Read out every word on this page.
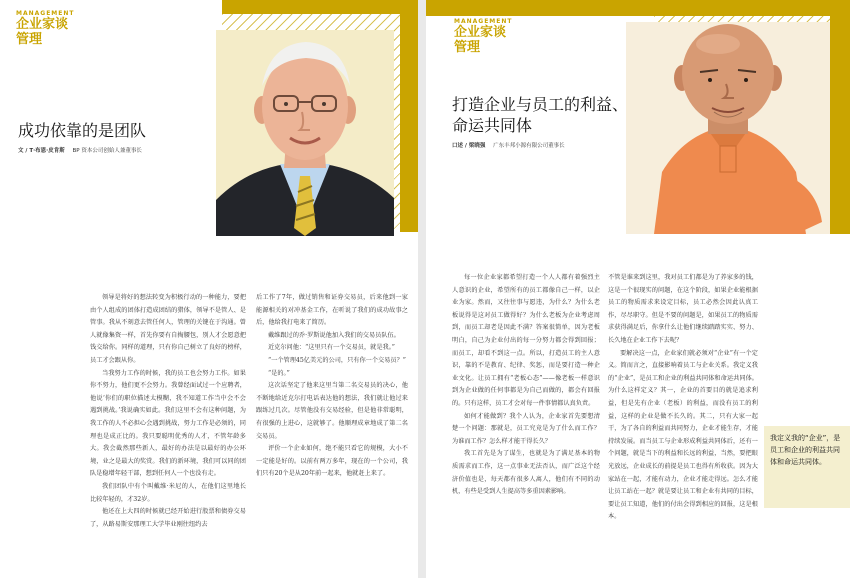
MANAGEMENT
企业家谈管理
成功依靠的是团队
文 / T·布恩·皮肯斯 BP 资本公司创始人兼董事长

领导是将好的想法转变为积极行动的一种能力，要把由个人组成的团体打造成团结的猎体，领导不是管人、是管事。我从不刻意去管任何人，管理的关键在于沟通。曾人就像集资一样，首先你要有自掏腰包，别人才会愿意把钱交给你。同样的道理，只有你自己树立了良好的榜样，员工才会跟从你。

当我努力工作的时候，我的员工也会努力工作。如果你不努力，他们更不会努力。我曾经面试过一个应聘者，他说‘你们的职位描述太模糊，我不知道工作当中会不会遇到挑战。’我说确实如此。我们这里不会有这种问题，为我工作的人不必担心会遇到挑战，努力工作是必须的，同理也是成正比的。我只要聪明优秀的人才，不管年龄多大。我会截然那些新人，最好的办法是以最好的办公环境，业之是最大的奖赏。我们的新环境，我们可以同的团队是稳增年轻干部，想到任何人一个也没有走。

我们团队中有个叫戴维·米尼的人，在他们这里地长比较年轻的，才32岁。

他还在上大四的时候就已经开始进行股票和债券交易了，从路易斯安那理工大学毕业刚往纽约去

后工作了7年，做过销售和证券交易员，后来他到一家能源相关的对冲基金工作，在听说了我们的成功故事之后，他给我打电来了简历。

戴维跟过的乔·罗斯说他加入我们的交易员队伍。

近克尔问他：“这里只有一个交易员，就是我。”

“一个管理45亿美元的公司，只有你一个交易员？”

“是的。”

这次话坚定了他来这里当第二名交易员的决心，他不断地给近克尔打电话表达他的想法，我们就让他过来跟练过几次。尽管他没有交易经验，但是他非常聪明，有很强的上进心，这就够了。他顺理成章地成了第二名交易员。

评价一个企业如何，绝不能只看它的规模，大小不一定能是好的。以前有两万多年，现在的一个公司，我们只有20个是从20年前一起来，他就赶上来了。

MANAGEMENT
企业家谈管理
打造企业与员工的利益、
命运共同体
口述 / 梁晓强 广东丰邦小源有限公司董事长

每一位企业家都希望打造一个人人都有着强烈主人意识的企业，希望所有的员工都像自己一样，以企业为家。然而，又往往事与愿违，为什么？为什么老板说得是这对员工做得好？为什么老板为企业考虑周到，而员工却老是因此不满？答案很简单，因为老板明白，自己为企业付出的每一分努力都会得到回报；而员工，却看不到这一点。所以，打造员工的主人意识，靠的不是教育、纪律、奖惩，而是要打造一种企业文化。让员工拥有“老板心态”——像老板一样意识到为企业做的任何事都是为自己而做的，都会有回报的。只有这样，员工才会对每一件事情都认真负责。

如何才能做到？我个人认为，企业家首先要想清楚一个问题：那就是，员工究竟是为了什么而工作？为谁而工作？怎么样才能干得长久？

我工首先是为了谋生，也就是为了满足基本的物质需求而工作，这一点事业无法否认，而广泛这个经济价值也是，每天都有很多人离人，他们有不同的动机，有些是受到人生提高等多重因素影响。

不管是谁来到这里，我对员工们都是为了养家多的钱，这是一个很现实的问题，在这个阶段，如果企业能根据员工的物质需求来设定目标，员工必然会因此认真工作，尽尽职守。但是不要的问题是，如果员工的物质需求获得满足后，你拿什么让他们继续踏踏实实、努力、长久地在企业工作下去呢？

要解决这一点，企业家们就必须对“企业”有一个定义。简而言之，直接影响着员工与企业关系。我定义我的“企业”，是员工和企业的利益共同体和命运共同体。为什么这样定义？其一，企业的首要目的就是追求利益，但是先有企业（老板）的利益，而没有员工的利益，这样的企业是做不长久的。其二，只有大家一起干，为了各自的利益而共同努力，企业才能生存，才能持续发展。而当员工与企业形成利益共同体后，还有一个问题，就是当下的利益和长远的利益，当然，要把眼光放远，企业成长的前提是员工也得有所收获。因为大家站在一起，才能有动力，企业才能走得远。怎么才能让员工站在一起？就是要让员工和企业有共同的目标，要让员工知道，他们的付出会得到相应的回报，这是根本。

我定义我的“企业”，是员工和企业的利益共同体和命运共同体。
